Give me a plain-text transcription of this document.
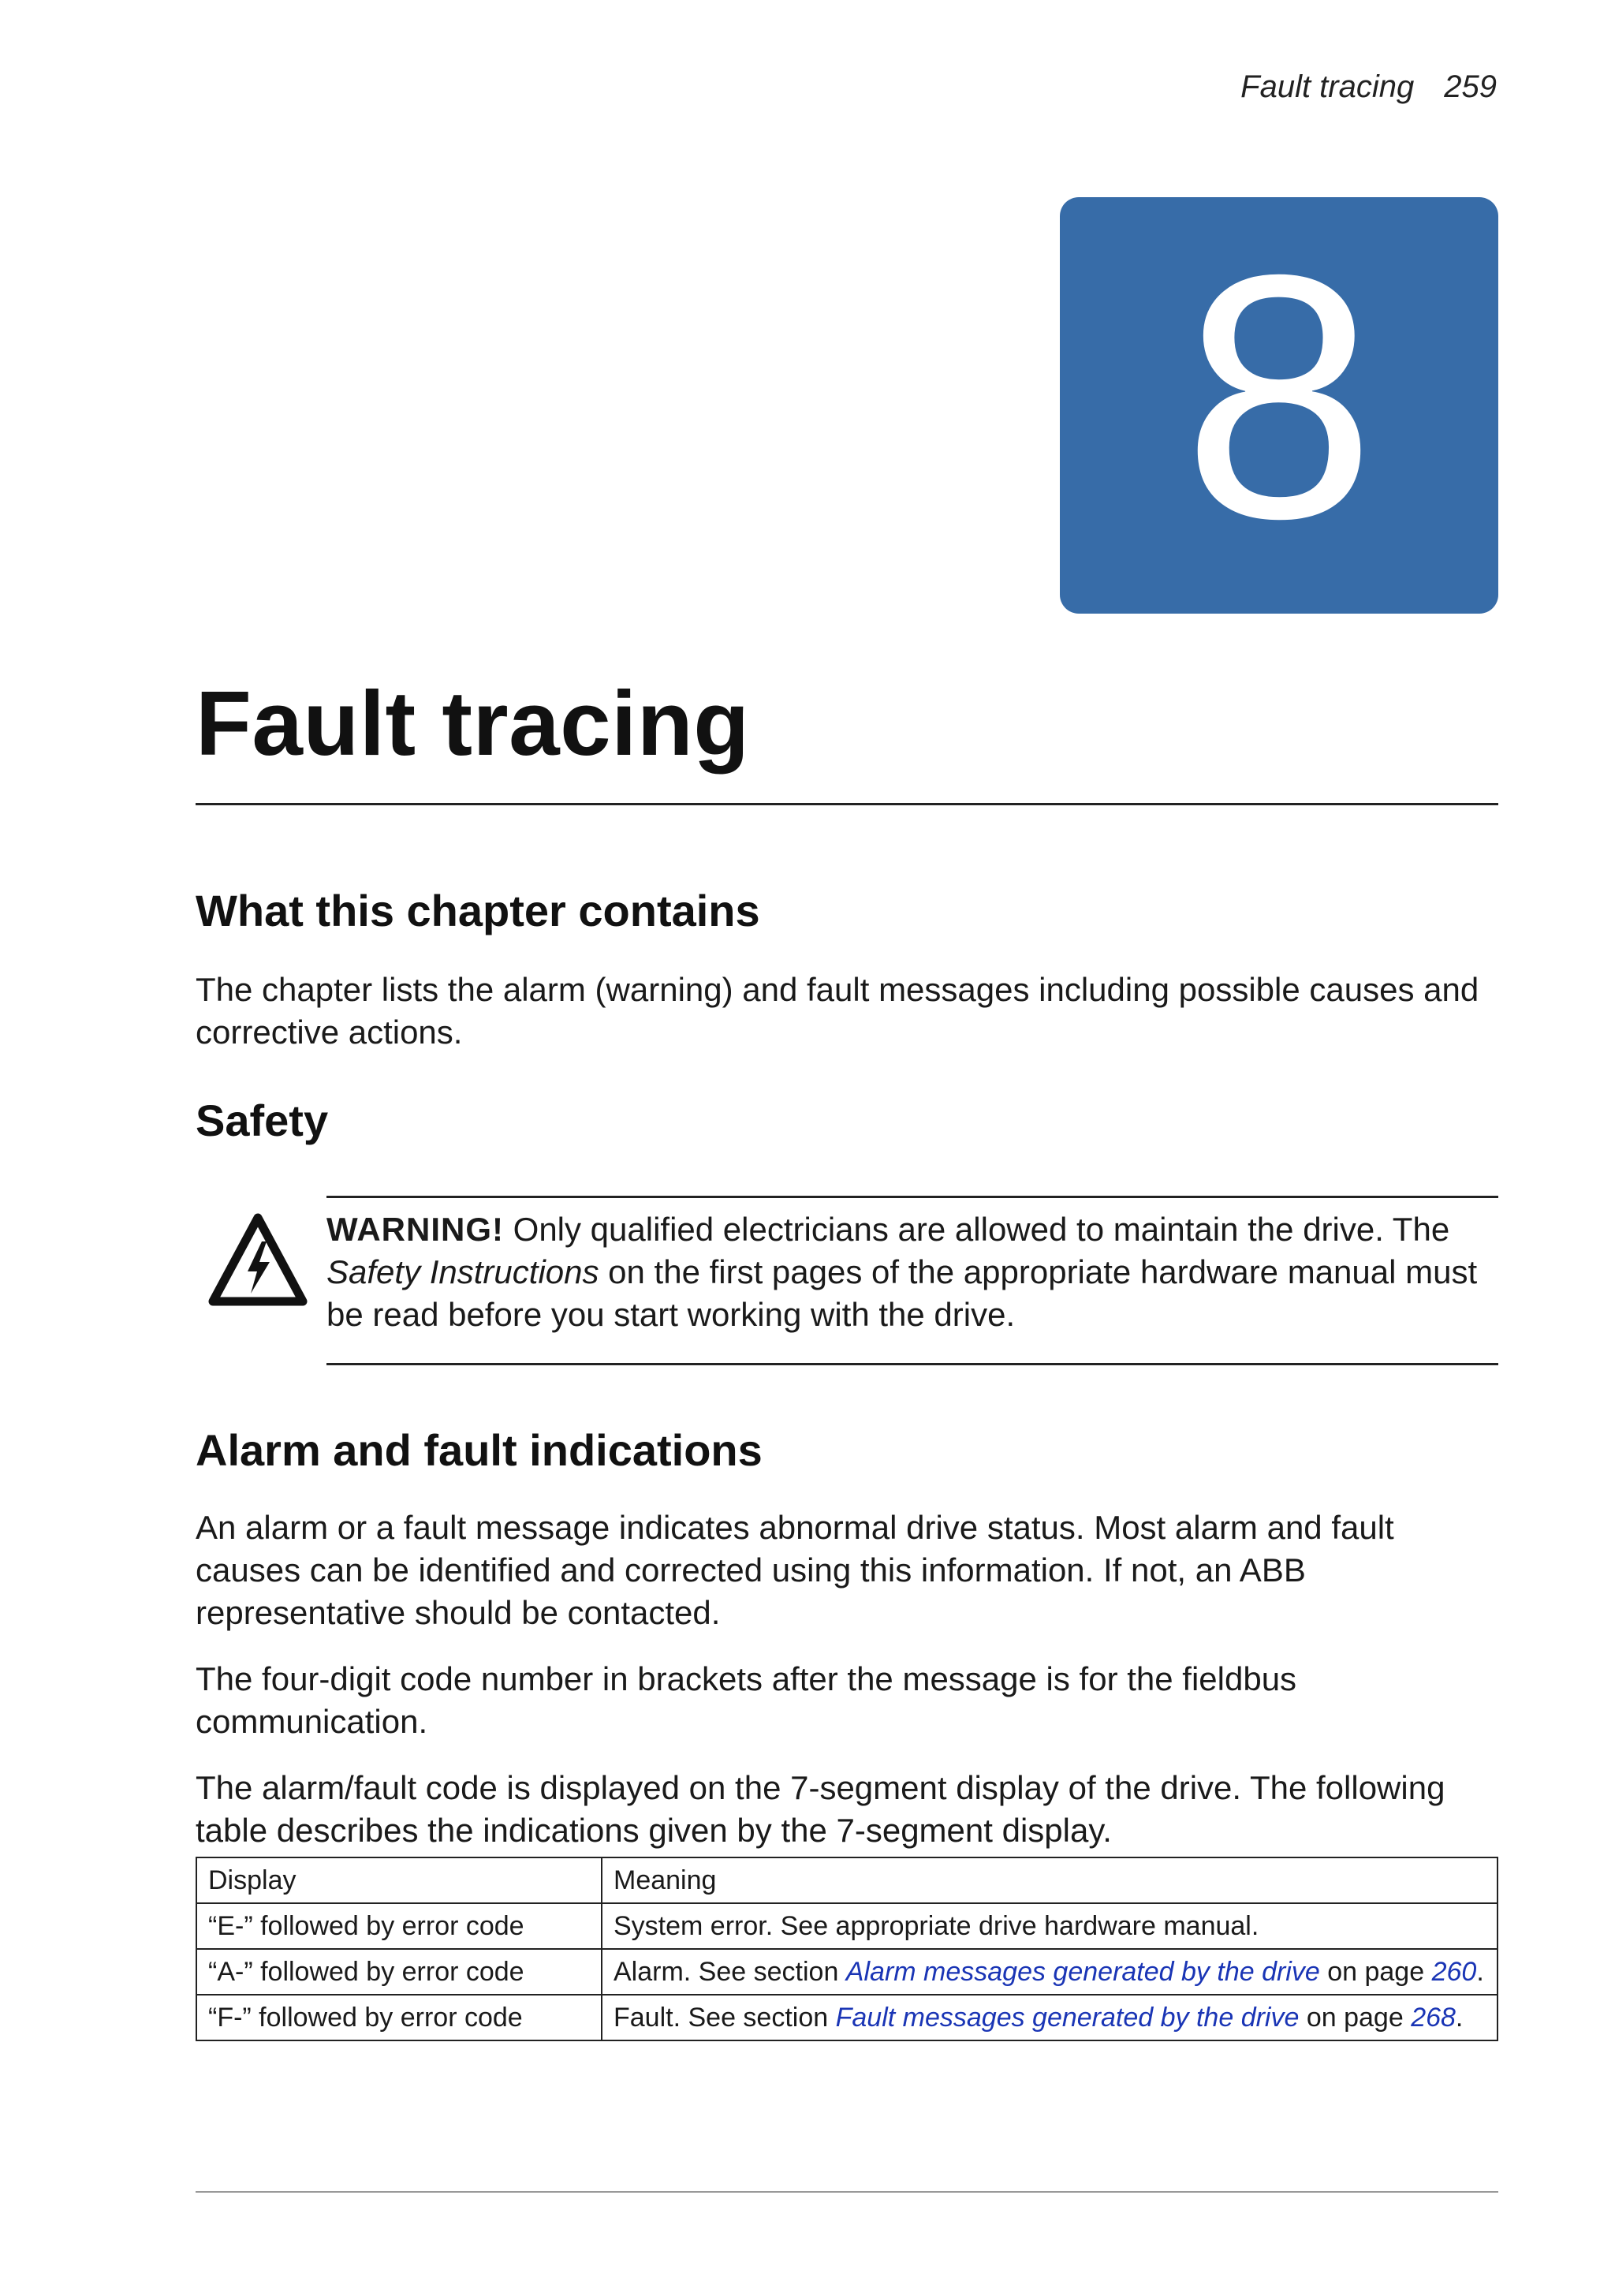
Fault tracing 259
8
Fault tracing
What this chapter contains

The chapter lists the alarm (warning) and fault messages including possible causes and corrective actions.

Safety

WARNING! Only qualified electricians are allowed to maintain the drive. The Safety Instructions on the first pages of the appropriate hardware manual must be read before you start working with the drive.

Alarm and fault indications

An alarm or a fault message indicates abnormal drive status. Most alarm and fault causes can be identified and corrected using this information. If not, an ABB representative should be contacted.

The four-digit code number in brackets after the message is for the fieldbus communication.

The alarm/fault code is displayed on the 7-segment display of the drive. The following table describes the indications given by the 7-segment display.

Display	Meaning
“E-” followed by error code	System error. See appropriate drive hardware manual.
“A-” followed by error code	Alarm. See section Alarm messages generated by the drive on page 260.
“F-” followed by error code	Fault. See section Fault messages generated by the drive on page 268.
